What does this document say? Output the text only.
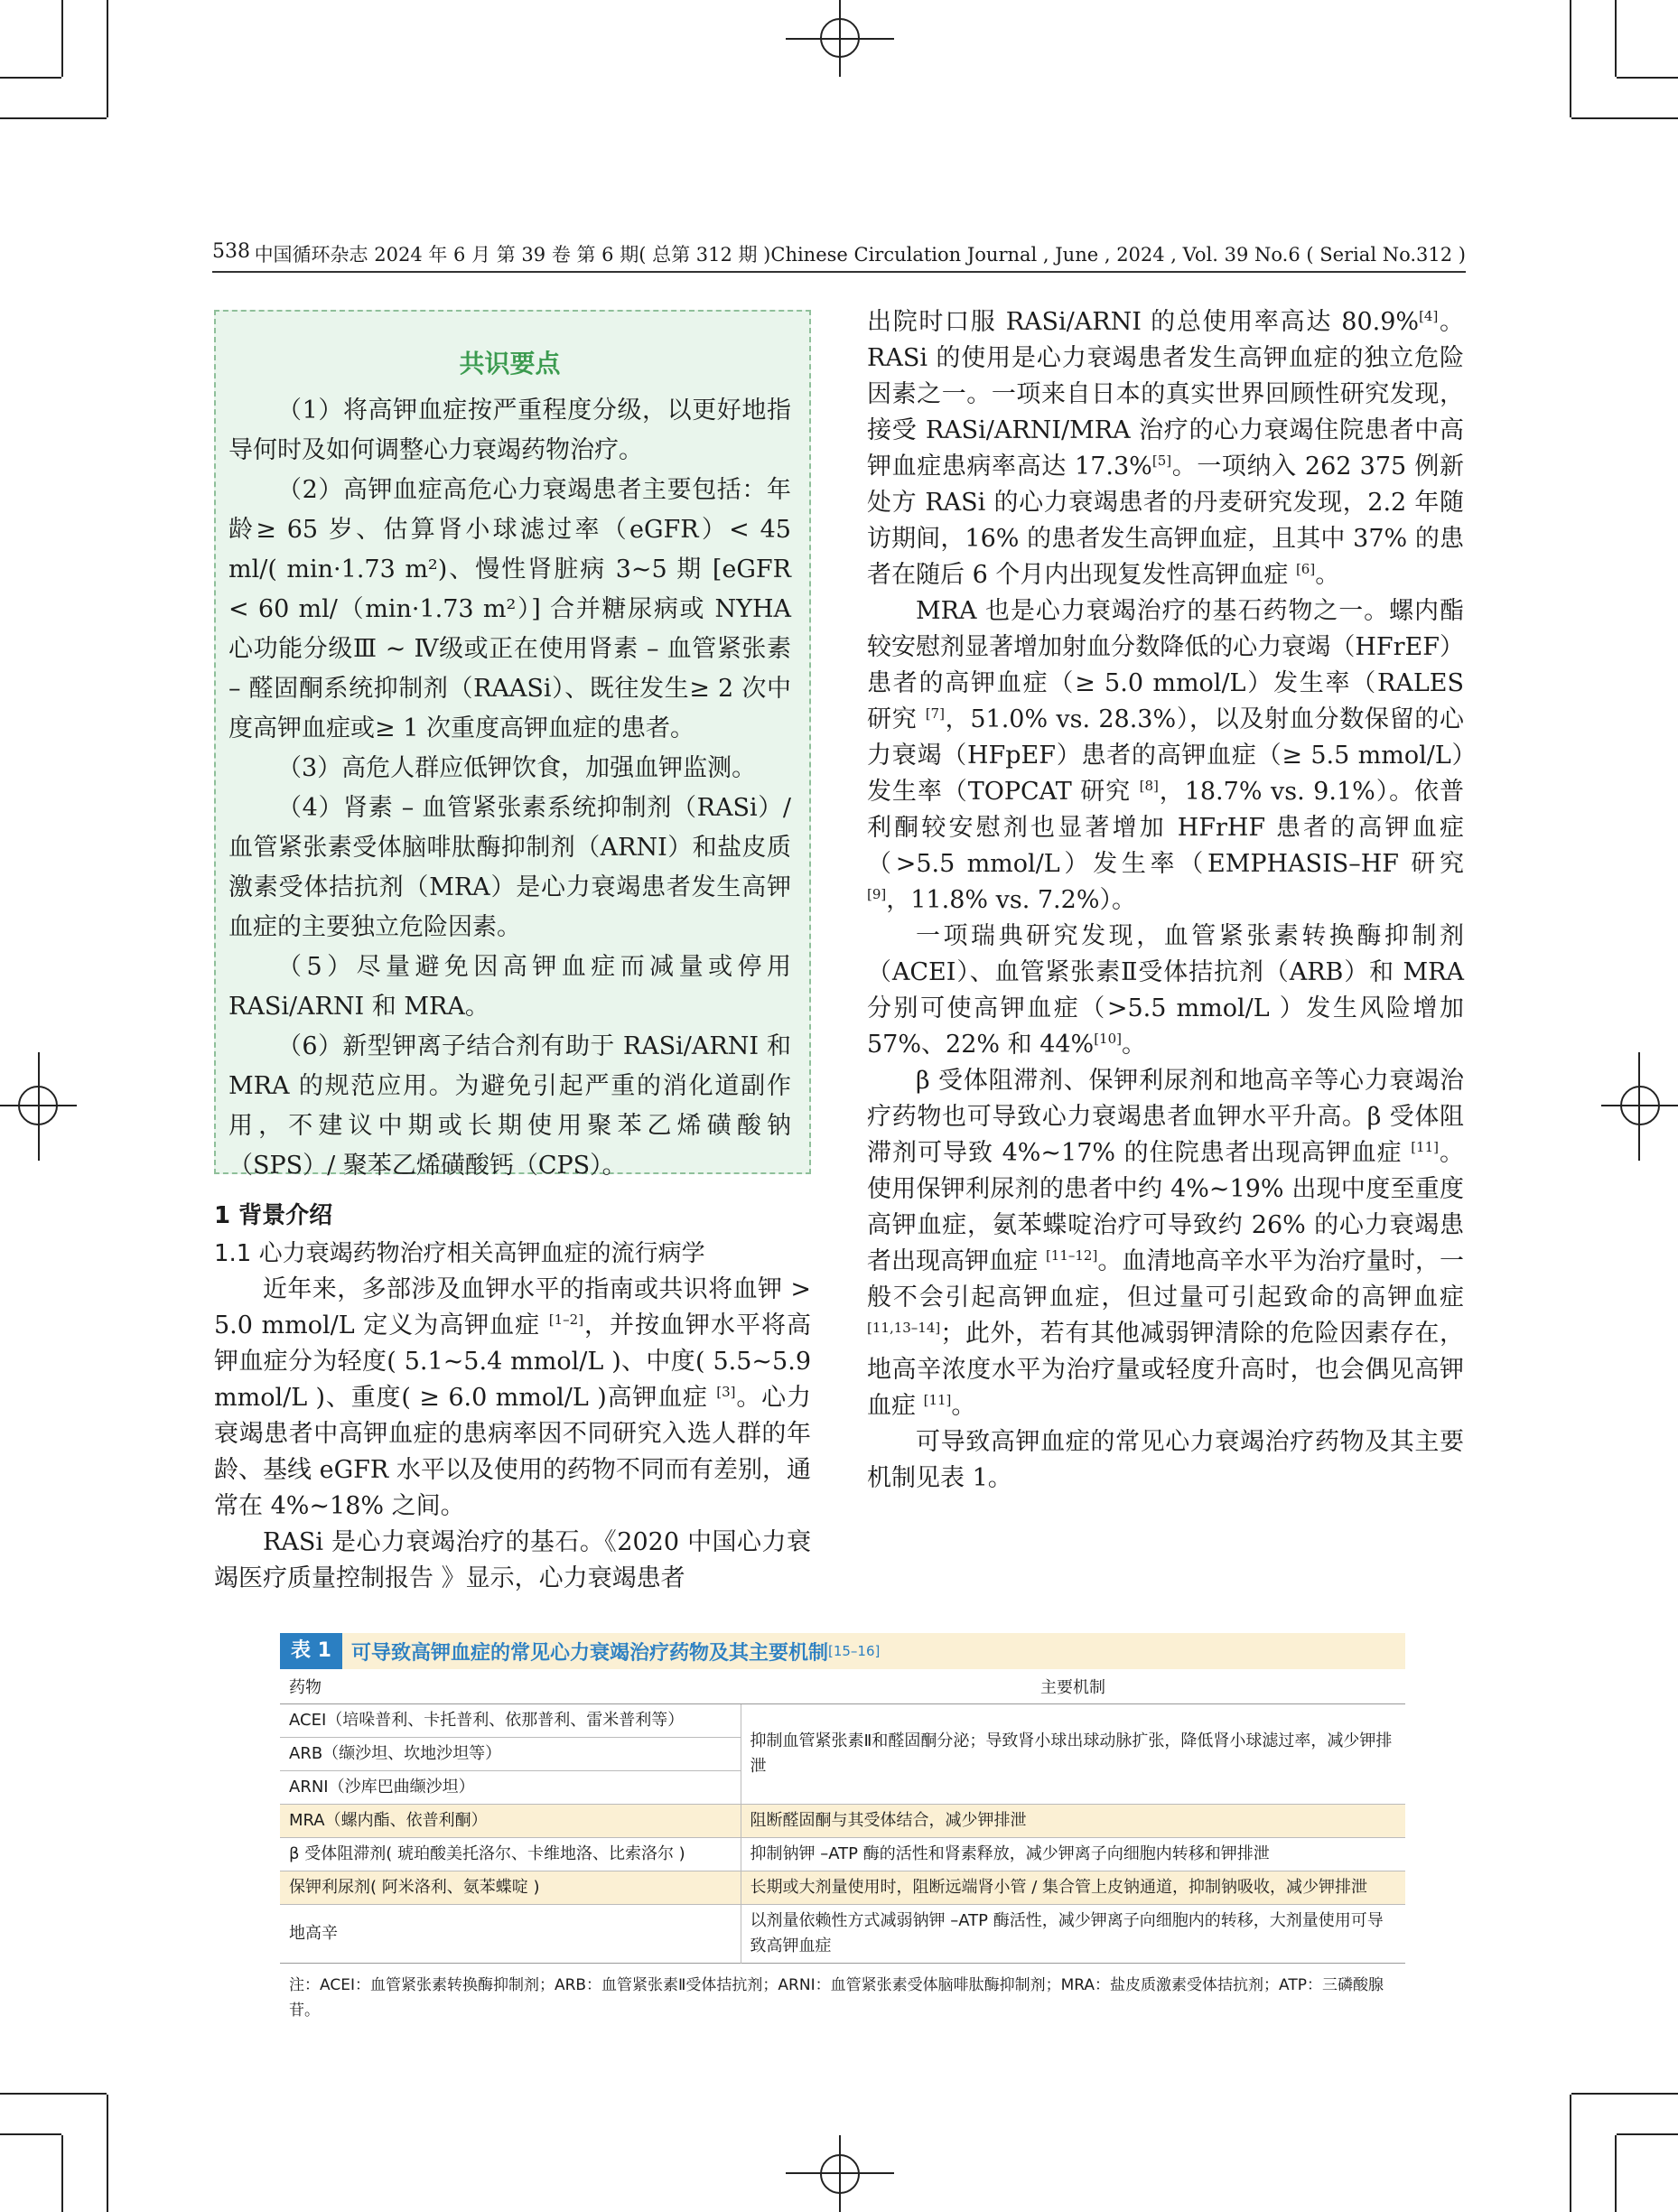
538 中国循环杂志 2024 年 6 月 第 39 卷 第 6 期( 总第 312 期 )Chinese Circulation Journal , June , 2024 , Vol. 39 No.6 ( Serial No.312 )
共识要点

（1）将高钾血症按严重程度分级，以更好地指导何时及如何调整心力衰竭药物治疗。

（2）高钾血症高危心力衰竭患者主要包括：年龄≥ 65 岁、估算肾小球滤过率（eGFR）< 45 ml/( min·1.73 m²)、慢性肾脏病 3~5 期 [eGFR < 60 ml/（min·1.73 m²）] 合并糖尿病或 NYHA 心功能分级Ⅲ ~ Ⅳ级或正在使用肾素 – 血管紧张素 – 醛固酮系统抑制剂（RAASi）、既往发生≥ 2 次中度高钾血症或≥ 1 次重度高钾血症的患者。

（3）高危人群应低钾饮食，加强血钾监测。

（4）肾素 – 血管紧张素系统抑制剂（RASi）/ 血管紧张素受体脑啡肽酶抑制剂（ARNI）和盐皮质激素受体拮抗剂（MRA）是心力衰竭患者发生高钾血症的主要独立危险因素。

（5）尽量避免因高钾血症而减量或停用 RASi/ARNI 和 MRA。

（6）新型钾离子结合剂有助于 RASi/ARNI 和 MRA 的规范应用。为避免引起严重的消化道副作用，不建议中期或长期使用聚苯乙烯磺酸钠（SPS）/ 聚苯乙烯磺酸钙（CPS）。

1 背景介绍
1.1 心力衰竭药物治疗相关高钾血症的流行病学

近年来，多部涉及血钾水平的指南或共识将血钾 > 5.0 mmol/L 定义为高钾血症 [1–2]，并按血钾水平将高钾血症分为轻度( 5.1~5.4 mmol/L )、中度( 5.5~5.9 mmol/L )、重度( ≥ 6.0 mmol/L )高钾血症 [3]。心力衰竭患者中高钾血症的患病率因不同研究入选人群的年龄、基线 eGFR 水平以及使用的药物不同而有差别，通常在 4%~18% 之间。

RASi 是心力衰竭治疗的基石。《2020 中国心力衰竭医疗质量控制报告 》显示，心力衰竭患者

出院时口服 RASi/ARNI 的总使用率高达 80.9%[4]。RASi 的使用是心力衰竭患者发生高钾血症的独立危险因素之一。一项来自日本的真实世界回顾性研究发现，接受 RASi/ARNI/MRA 治疗的心力衰竭住院患者中高钾血症患病率高达 17.3%[5]。一项纳入 262 375 例新处方 RASi 的心力衰竭患者的丹麦研究发现，2.2 年随访期间，16% 的患者发生高钾血症，且其中 37% 的患者在随后 6 个月内出现复发性高钾血症 [6]。

MRA 也是心力衰竭治疗的基石药物之一。螺内酯较安慰剂显著增加射血分数降低的心力衰竭（HFrEF）患者的高钾血症（≥ 5.0 mmol/L）发生率（RALES 研究 [7]，51.0% vs. 28.3%），以及射血分数保留的心力衰竭（HFpEF）患者的高钾血症（≥ 5.5 mmol/L）发生率（TOPCAT 研究 [8]，18.7% vs. 9.1%）。依普利酮较安慰剂也显著增加 HFrHF 患者的高钾血症（>5.5 mmol/L）发生率（EMPHASIS–HF 研究 [9]，11.8% vs. 7.2%）。

一项瑞典研究发现，血管紧张素转换酶抑制剂（ACEI）、血管紧张素Ⅱ受体拮抗剂（ARB）和 MRA 分别可使高钾血症（>5.5 mmol/L ）发生风险增加 57%、22% 和 44%[10]。

β 受体阻滞剂、保钾利尿剂和地高辛等心力衰竭治疗药物也可导致心力衰竭患者血钾水平升高。β 受体阻滞剂可导致 4%~17% 的住院患者出现高钾血症 [11]。使用保钾利尿剂的患者中约 4%~19% 出现中度至重度高钾血症，氨苯蝶啶治疗可导致约 26% 的心力衰竭患者出现高钾血症 [11–12]。血清地高辛水平为治疗量时，一般不会引起高钾血症，但过量可引起致命的高钾血症 [11,13–14]；此外，若有其他减弱钾清除的危险因素存在，地高辛浓度水平为治疗量或轻度升高时，也会偶见高钾血症 [11]。

可导致高钾血症的常见心力衰竭治疗药物及其主要机制见表 1。

表 1	可导致高钾血症的常见心力衰竭治疗药物及其主要机制 [15–16]
药物	主要机制
ACEI（培哚普利、卡托普利、依那普利、雷米普利等）	抑制血管紧张素Ⅱ和醛固酮分泌；导致肾小球出球动脉扩张，降低肾小球滤过率，减少钾排泄
ARB（缬沙坦、坎地沙坦等）	
ARNI（沙库巴曲缬沙坦）	
MRA（螺内酯、依普利酮）	阻断醛固酮与其受体结合，减少钾排泄
β 受体阻滞剂( 琥珀酸美托洛尔、卡维地洛、比索洛尔 )	抑制钠钾 –ATP 酶的活性和肾素释放，减少钾离子向细胞内转移和钾排泄
保钾利尿剂( 阿米洛利、氨苯蝶啶 )	长期或大剂量使用时，阻断远端肾小管 / 集合管上皮钠通道，抑制钠吸收，减少钾排泄
地高辛	以剂量依赖性方式减弱钠钾 –ATP 酶活性，减少钾离子向细胞内的转移，大剂量使用可导致高钾血症
注：ACEI：血管紧张素转换酶抑制剂；ARB：血管紧张素Ⅱ受体拮抗剂；ARNI：血管紧张素受体脑啡肽酶抑制剂；MRA：盐皮质激素受体拮抗剂；ATP：三磷酸腺苷。
